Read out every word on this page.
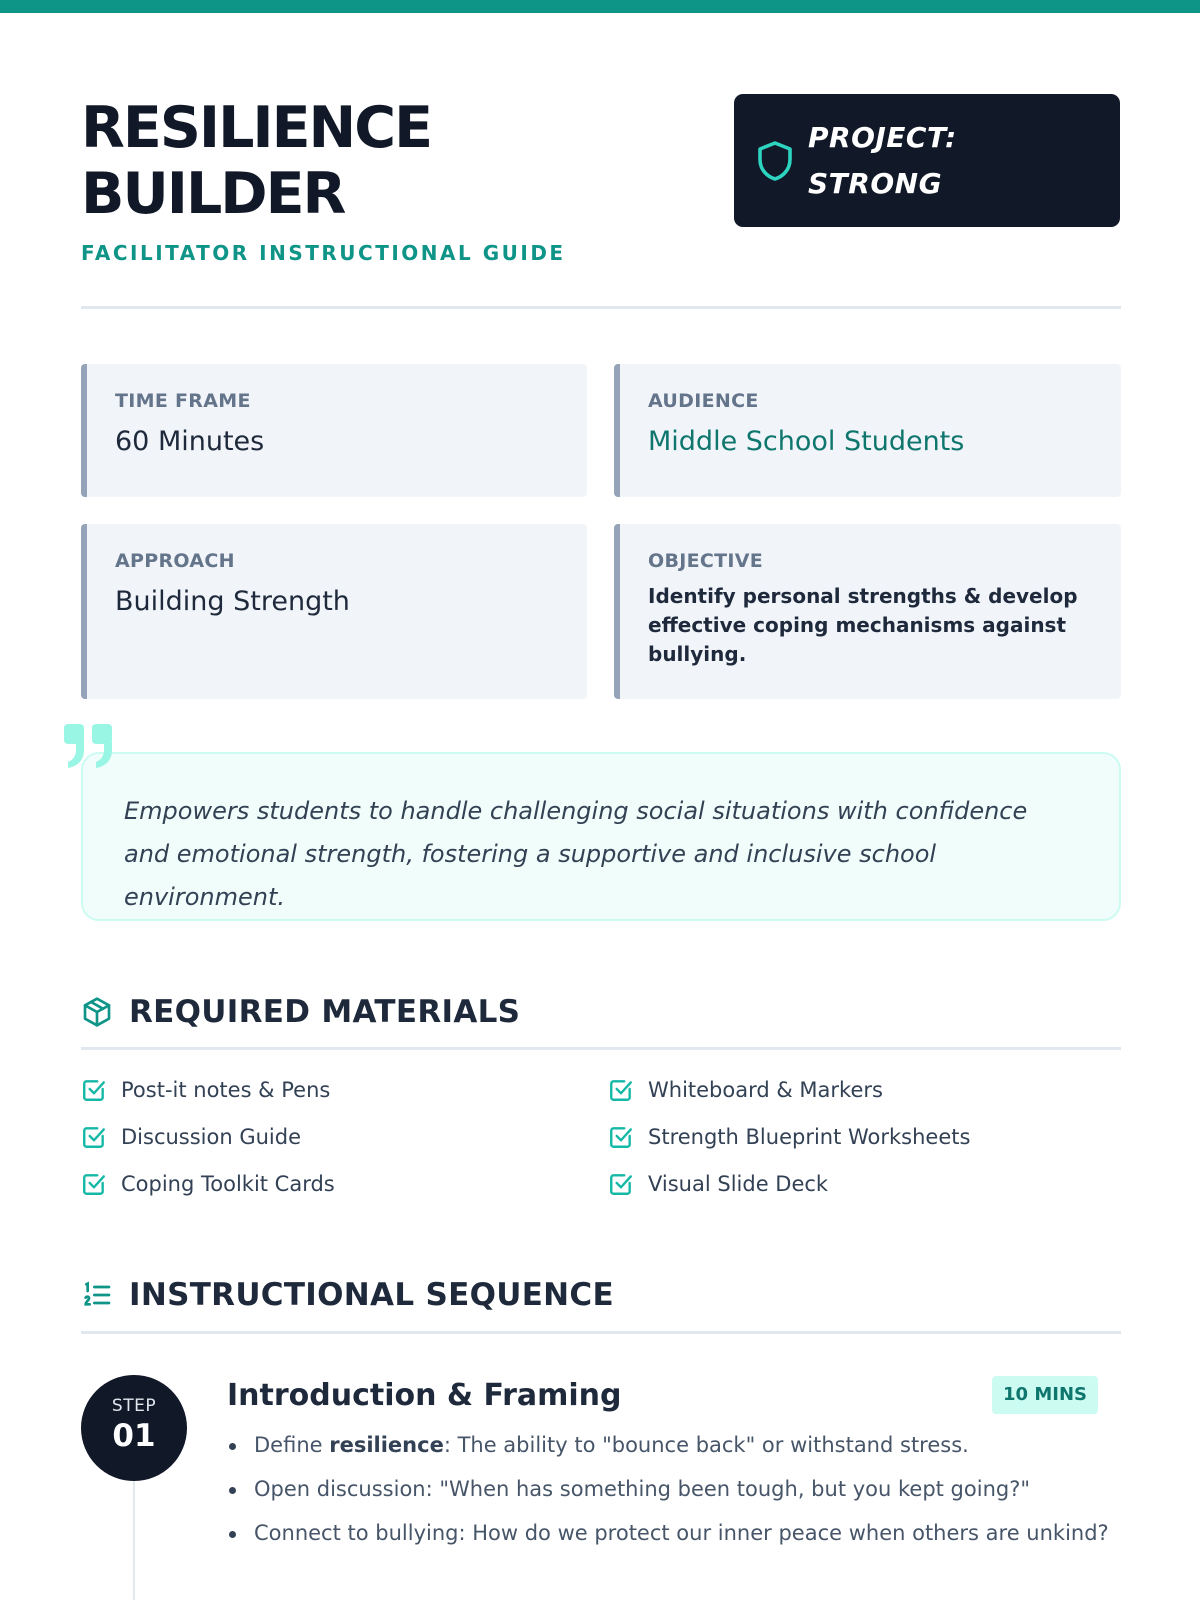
RESILIENCE
BUILDER
FACILITATOR INSTRUCTIONAL GUIDE
PROJECT:
STRONG
TIME FRAME
60 Minutes
AUDIENCE
Middle School Students
APPROACH
Building Strength
OBJECTIVE
Identify personal strengths & develop effective coping mechanisms against bullying.
Empowers students to handle challenging social situations with confidence and emotional strength, fostering a supportive and inclusive school environment.
REQUIRED MATERIALS
Post-it notes & Pens	Whiteboard & Markers
Discussion Guide	Strength Blueprint Worksheets
Coping Toolkit Cards	Visual Slide Deck
INSTRUCTIONAL SEQUENCE
STEP
01
Introduction & Framing	10 MINS
Define resilience: The ability to "bounce back" or withstand stress.
Open discussion: "When has something been tough, but you kept going?"
Connect to bullying: How do we protect our inner peace when others are unkind?
